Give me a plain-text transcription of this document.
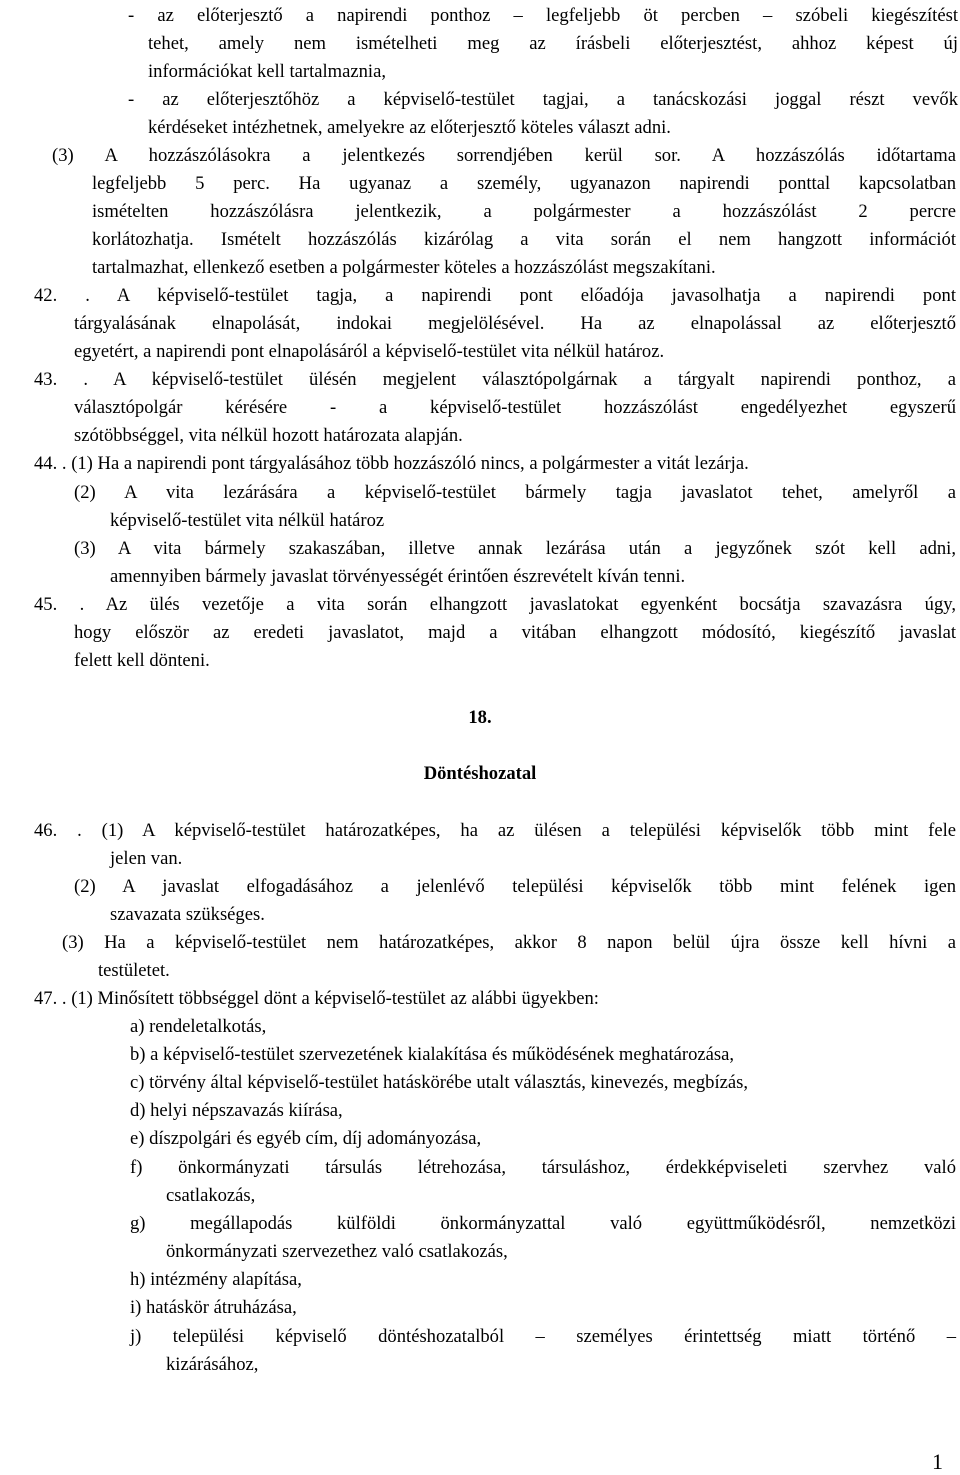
- az előterjesztő a napirendi ponthoz – legfeljebb öt percben – szóbeli kiegészítést
tehet, amely nem ismételheti meg az írásbeli előterjesztést, ahhoz képest új
információkat kell tartalmaznia,
- az előterjesztőhöz a képviselő-testület tagjai, a tanácskozási joggal részt vevők
kérdéseket intézhetnek, amelyekre az előterjesztő köteles választ adni.
(3) A hozzászólásokra a jelentkezés sorrendjében kerül sor. A hozzászólás időtartama
legfeljebb 5 perc. Ha ugyanaz a személy, ugyanazon napirendi ponttal kapcsolatban
ismételten hozzászólásra jelentkezik, a polgármester a hozzászólást 2 percre
korlátozhatja. Ismételt hozzászólás kizárólag a vita során el nem hangzott információt
tartalmazhat, ellenkező esetben a polgármester köteles a hozzászólást megszakítani.
42. . A képviselő-testület tagja, a napirendi pont előadója javasolhatja a napirendi pont
tárgyalásának elnapolását, indokai megjelölésével. Ha az elnapolással az előterjesztő
egyetért, a napirendi pont elnapolásáról a képviselő-testület vita nélkül határoz.
43. . A képviselő-testület ülésén megjelent választópolgárnak a tárgyalt napirendi ponthoz, a
választópolgár kérésére - a képviselő-testület hozzászólást engedélyezhet egyszerű
szótöbbséggel, vita nélkül hozott határozata alapján.
44. . (1) Ha a napirendi pont tárgyalásához több hozzászóló nincs, a polgármester a vitát lezárja.
(2) A vita lezárására a képviselő-testület bármely tagja javaslatot tehet, amelyről a
képviselő-testület vita nélkül határoz
(3) A vita bármely szakaszában, illetve annak lezárása után a jegyzőnek szót kell adni,
amennyiben bármely javaslat törvényességét érintően észrevételt kíván tenni.
45. . Az ülés vezetője a vita során elhangzott javaslatokat egyenként bocsátja szavazásra úgy,
hogy először az eredeti javaslatot, majd a vitában elhangzott módosító, kiegészítő javaslat
felett kell dönteni.
18.
Döntéshozatal
46. . (1) A képviselő-testület határozatképes, ha az ülésen a települési képviselők több mint fele
jelen van.
(2) A javaslat elfogadásához a jelenlévő települési képviselők több mint felének igen
szavazata szükséges.
(3) Ha a képviselő-testület nem határozatképes, akkor 8 napon belül újra össze kell hívni a
testületet.
47. . (1) Minősített többséggel dönt a képviselő-testület az alábbi ügyekben:
a) rendeletalkotás,
b) a képviselő-testület szervezetének kialakítása és működésének meghatározása,
c) törvény által képviselő-testület hatáskörébe utalt választás, kinevezés, megbízás,
d) helyi népszavazás kiírása,
e) díszpolgári és egyéb cím, díj adományozása,
f) önkormányzati társulás létrehozása, társuláshoz, érdekképviseleti szervhez való
csatlakozás,
g) megállapodás külföldi önkormányzattal való együttműködésről, nemzetközi
önkormányzati szervezethez való csatlakozás,
h) intézmény alapítása,
i) hatáskör átruházása,
j) települési képviselő döntéshozatalból – személyes érintettség miatt történő –
kizárásához,
1
